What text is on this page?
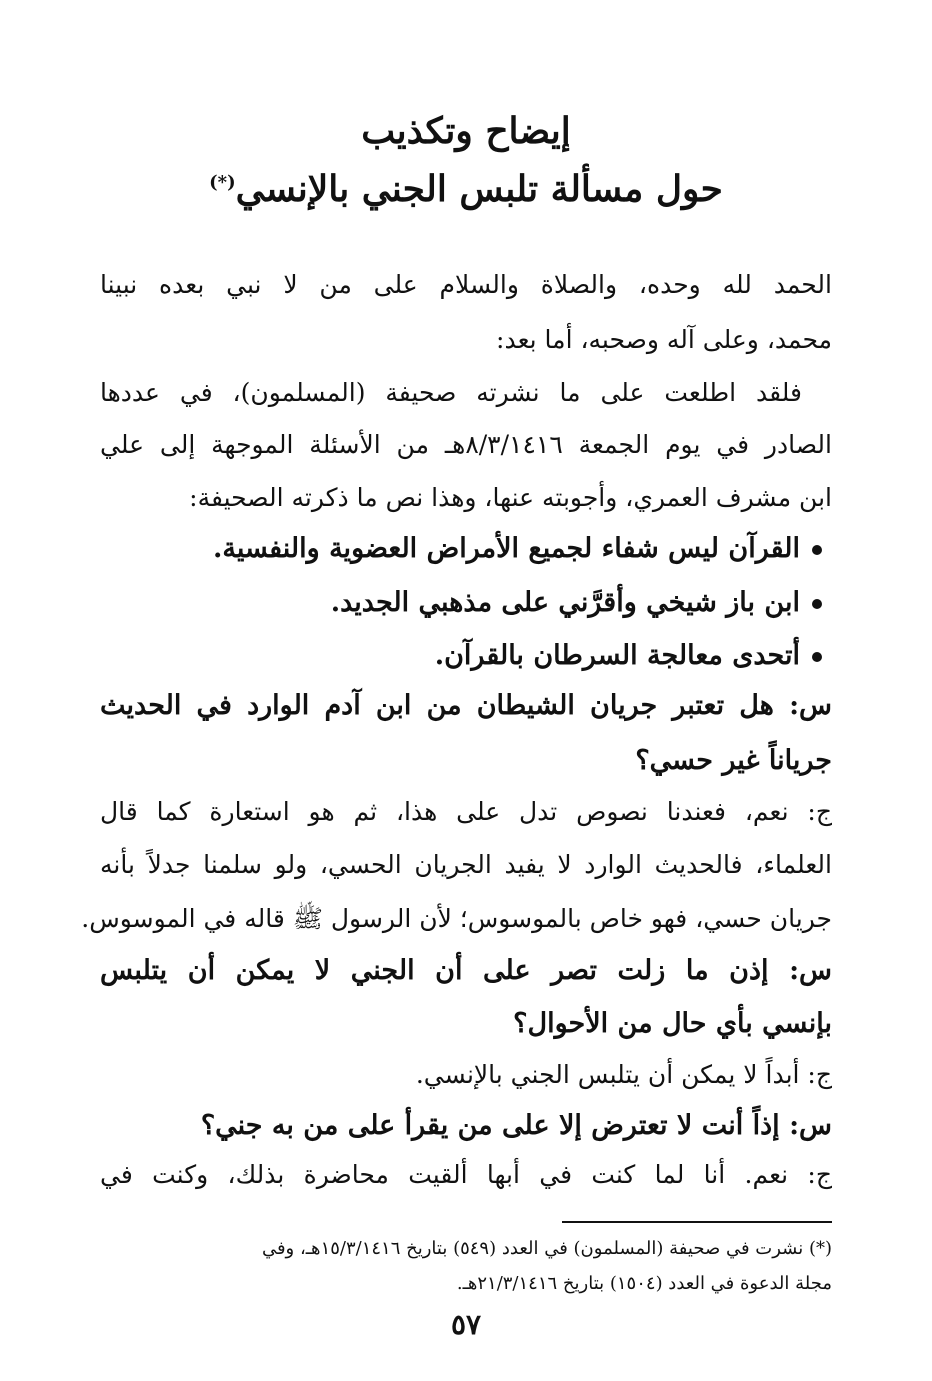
إيضاح وتكذيب
حول مسألة تلبس الجني بالإنسي(*)
الحمد لله وحده، والصلاة والسلام على من لا نبي بعده نبينا
محمد، وعلى آله وصحبه، أما بعد:
فلقد اطلعت على ما نشرته صحيفة (المسلمون)، في عددها
الصادر في يوم الجمعة ٨/٣/١٤١٦هـ من الأسئلة الموجهة إلى علي
ابن مشرف العمري، وأجوبته عنها، وهذا نص ما ذكرته الصحيفة:
القرآن ليس شفاء لجميع الأمراض العضوية والنفسية.
ابن باز شيخي وأقرَّني على مذهبي الجديد.
أتحدى معالجة السرطان بالقرآن.
س: هل تعتبر جريان الشيطان من ابن آدم الوارد في الحديث
جرياناً غير حسي؟
ج: نعم، فعندنا نصوص تدل على هذا، ثم هو استعارة كما قال
العلماء، فالحديث الوارد لا يفيد الجريان الحسي، ولو سلمنا جدلاً بأنه
جريان حسي، فهو خاص بالموسوس؛ لأن الرسول ﷺ قاله في الموسوس.
س: إذن ما زلت تصر على أن الجني لا يمكن أن يتلبس
بإنسي بأي حال من الأحوال؟
ج: أبداً لا يمكن أن يتلبس الجني بالإنسي.
س: إذاً أنت لا تعترض إلا على من يقرأ على من به جني؟
ج: نعم. أنا لما كنت في أبها ألقيت محاضرة بذلك، وكنت في
(*) نشرت في صحيفة (المسلمون) في العدد (٥٤٩) بتاريخ ١٥/٣/١٤١٦هـ، وفي
مجلة الدعوة في العدد (١٥٠٤) بتاريخ ٢١/٣/١٤١٦هـ.
٥٧
